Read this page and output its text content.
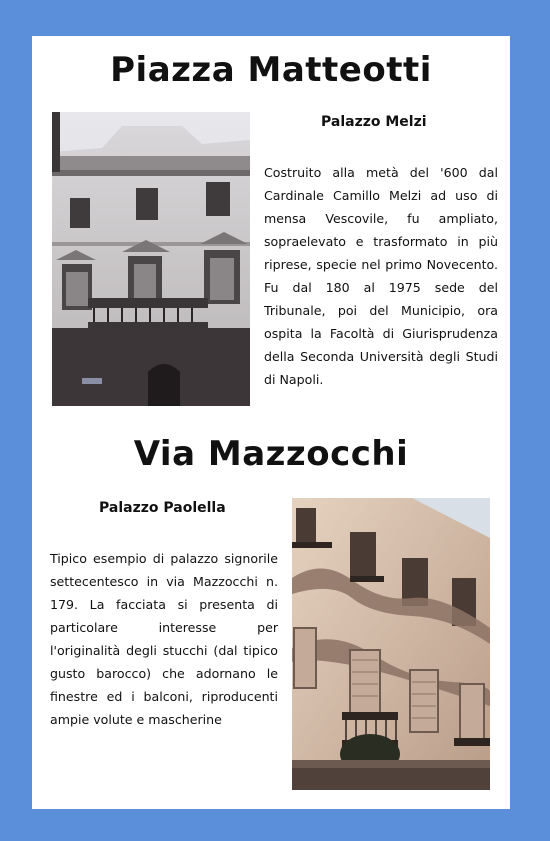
Piazza Matteotti
Palazzo Melzi

Costruito alla metà del '600 dal Cardinale Camillo Melzi ad uso di mensa Vescovile, fu ampliato, sopraelevato e trasformato in più riprese, specie nel primo Novecento. Fu dal 180 al 1975 sede del Tribunale, poi del Municipio, ora ospita la Facoltà di Giurisprudenza della Seconda Università degli Studi di Napoli.

Via Mazzocchi
Palazzo Paolella

Tipico esempio di palazzo signorile settecentesco in via Mazzocchi n. 179. La facciata si presenta di particolare interesse per l'originalità degli stucchi (dal tipico gusto barocco) che adornano le finestre ed i balconi, riproducenti ampie volute e mascherine
